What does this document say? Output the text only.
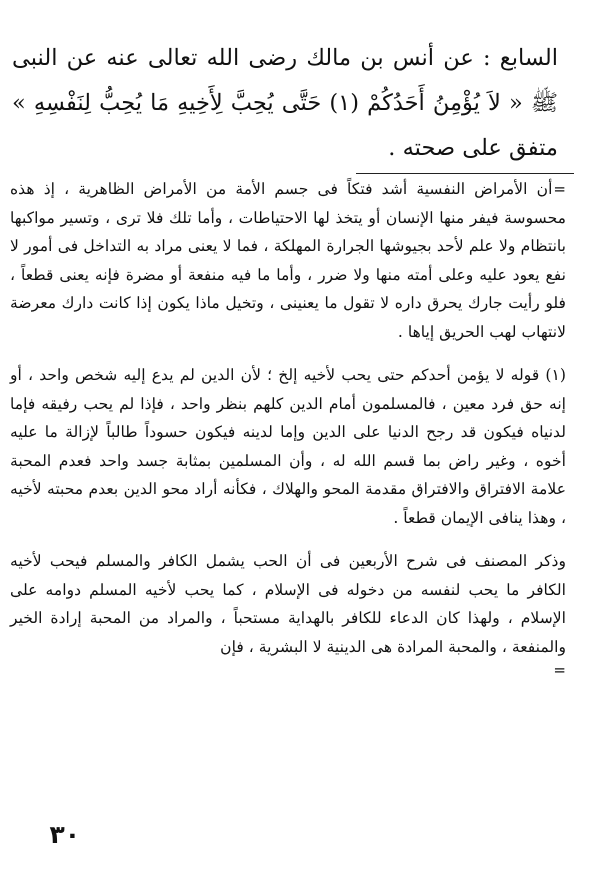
السابع : عن أنس بن مالك رضى الله تعالى عنه عن النبى ﷺ « لاَ يُؤْمِنُ أَحَدُكُمْ (١) حَتَّى يُحِبَّ لِأَخِيهِ مَا يُحِبُّ لِنَفْسِهِ » متفق على صحته .

=أن الأمراض النفسية أشد فتكاً فى جسم الأمة من الأمراض الظاهرية ، إذ هذه محسوسة فيفر منها الإنسان أو يتخذ لها الاحتياطات ، وأما تلك فلا ترى ، وتسير مواكبها بانتظام ولا علم لأحد بجيوشها الجرارة المهلكة ، فما لا يعنى مراد به التداخل فى أمور لا نفع يعود عليه وعلى أمته منها ولا ضرر ، وأما ما فيه منفعة أو مضرة فإنه يعنى قطعاً ، فلو رأيت جارك يحرق داره لا تقول ما يعنينى ، وتخيل ماذا يكون إذا كانت دارك معرضة لانتهاب لهب الحريق إياها .

(١) قوله لا يؤمن أحدكم حتى يحب لأخيه إلخ ؛ لأن الدين لم يدع إليه شخص واحد ، أو إنه حق فرد معين ، فالمسلمون أمام الدين كلهم بنظر واحد ، فإذا لم يحب رفيقه فإما لدنياه فيكون قد رجح الدنيا على الدين وإما لدينه فيكون حسوداً طالباً لإزالة ما عليه أخوه ، وغير راض بما قسم الله له ، وأن المسلمين بمثابة جسد واحد فعدم المحبة علامة الافتراق والافتراق مقدمة المحو والهلاك ، فكأنه أراد محو الدين بعدم محبته لأخيه ، وهذا ينافى الإيمان قطعاً .

وذكر المصنف فى شرح الأربعين فى أن الحب يشمل الكافر والمسلم فيحب لأخيه الكافر ما يحب لنفسه من دخوله فى الإسلام ، كما يحب لأخيه المسلم دوامه على الإسلام ، ولهذا كان الدعاء للكافر بالهداية مستحباً ، والمراد من المحبة إرادة الخير والمنفعة ، والمحبة المرادة هى الدينية لا البشرية ، فإن
=

٣٠
